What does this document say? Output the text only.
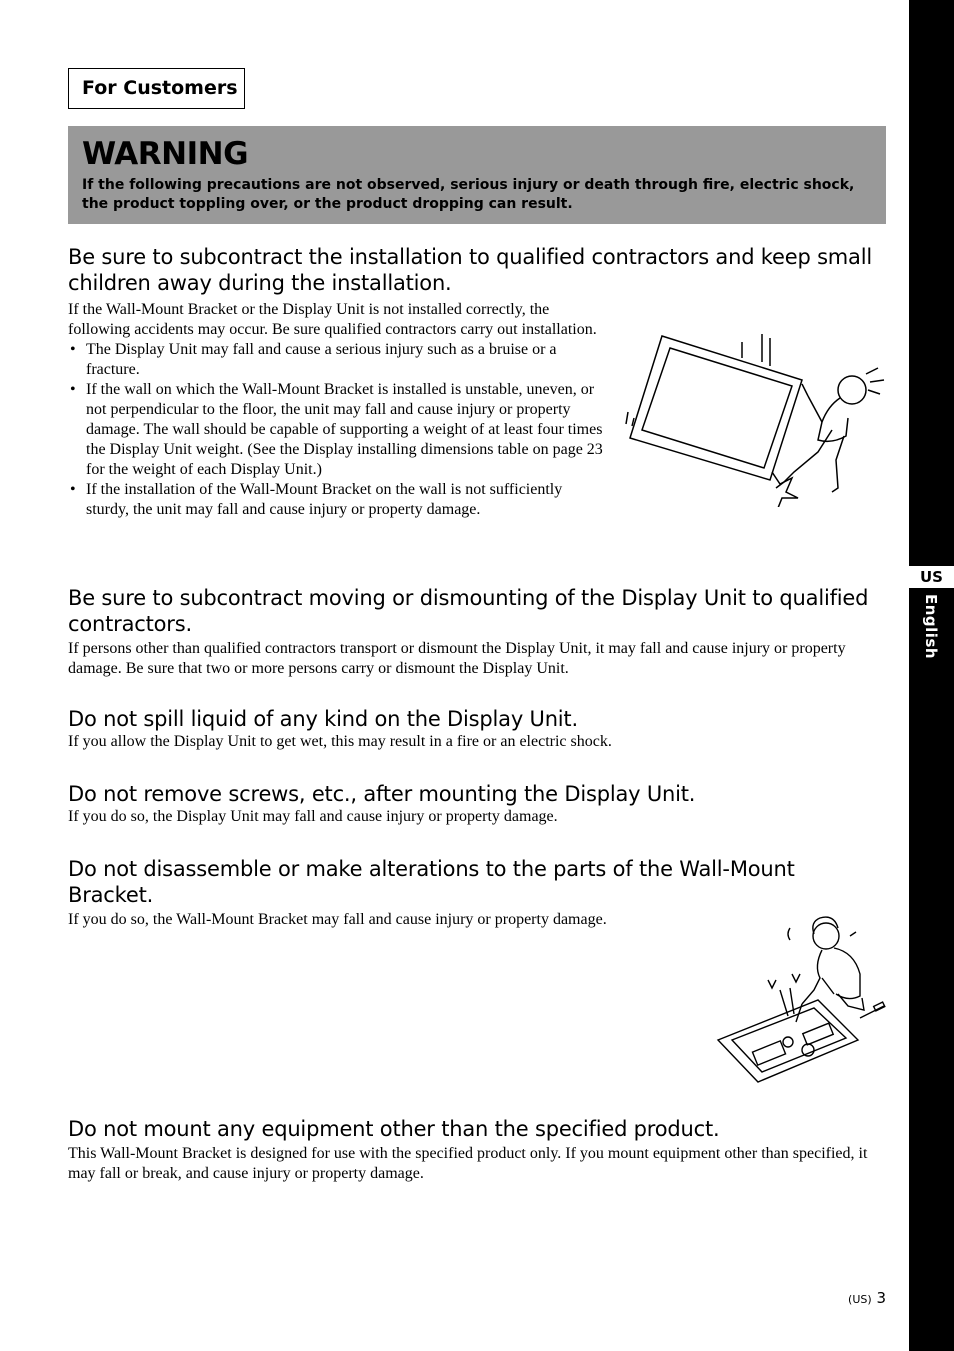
US
English
For Customers
WARNING
If the following precautions are not observed, serious injury or death through fire, electric shock, the product toppling over, or the product dropping can result.
Be sure to subcontract the installation to qualified contractors and keep small children away during the installation.

If the Wall-Mount Bracket or the Display Unit is not installed correctly, the following accidents may occur. Be sure qualified contractors carry out installation.

• The Display Unit may fall and cause a serious injury such as a bruise or a fracture.
• If the wall on which the Wall-Mount Bracket is installed is unstable, uneven, or not perpendicular to the floor, the unit may fall and cause injury or property damage. The wall should be capable of supporting a weight of at least four times the Display Unit weight. (See the Display installing dimensions table on page 23 for the weight of each Display Unit.)
• If the installation of the Wall-Mount Bracket on the wall is not sufficiently sturdy, the unit may fall and cause injury or property damage.
Be sure to subcontract moving or dismounting of the Display Unit to qualified contractors.

If persons other than qualified contractors transport or dismount the Display Unit, it may fall and cause injury or property damage. Be sure that two or more persons carry or dismount the Display Unit.

Do not spill liquid of any kind on the Display Unit.

If you allow the Display Unit to get wet, this may result in a fire or an electric shock.

Do not remove screws, etc., after mounting the Display Unit.

If you do so, the Display Unit may fall and cause injury or property damage.

Do not disassemble or make alterations to the parts of the Wall-Mount Bracket.

If you do so, the Wall-Mount Bracket may fall and cause injury or property damage.

Do not mount any equipment other than the specified product.

This Wall-Mount Bracket is designed for use with the specified product only. If you mount equipment other than specified, it may fall or break, and cause injury or property damage.

(US) 3
